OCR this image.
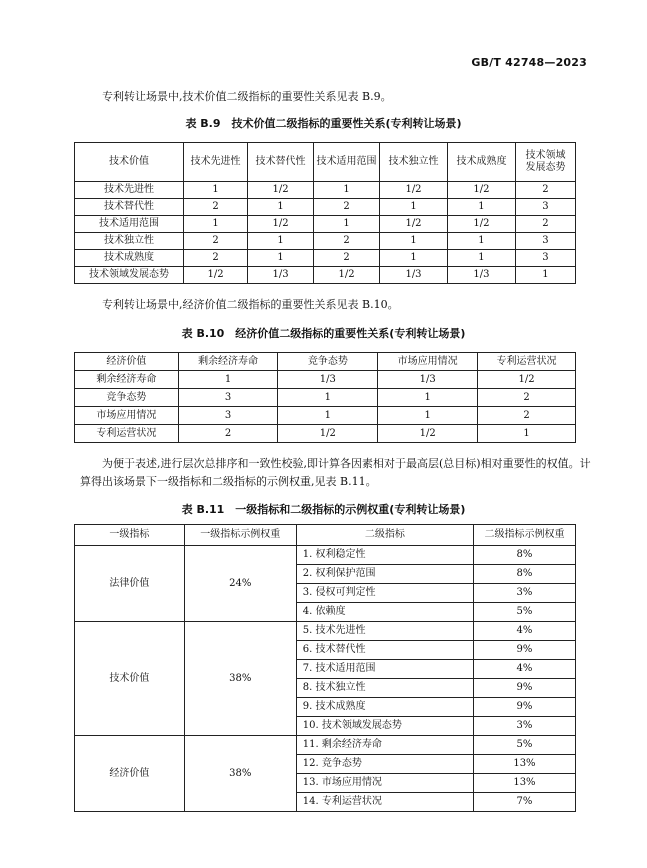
GB/T 42748—2023
专利转让场景中,技术价值二级指标的重要性关系见表 B.9。
表 B.9　技术价值二级指标的重要性关系(专利转让场景)
技术价值	技术先进性	技术替代性	技术适用范围	技术独立性	技术成熟度	技术领域
发展态势
技术先进性	1	1/2	1	1/2	1/2	2
技术替代性	2	1	2	1	1	3
技术适用范围	1	1/2	1	1/2	1/2	2
技术独立性	2	1	2	1	1	3
技术成熟度	2	1	2	1	1	3
技术领域发展态势	1/2	1/3	1/2	1/3	1/3	1
专利转让场景中,经济价值二级指标的重要性关系见表 B.10。
表 B.10　经济价值二级指标的重要性关系(专利转让场景)
经济价值	剩余经济寿命	竞争态势	市场应用情况	专利运营状况
剩余经济寿命	1	1/3	1/3	1/2
竞争态势	3	1	1	2
市场应用情况	3	1	1	2
专利运营状况	2	1/2	1/2	1
为便于表述,进行层次总排序和一致性校验,即计算各因素相对于最高层(总目标)相对重要性的权值。计算得出该场景下一级指标和二级指标的示例权重,见表 B.11。
表 B.11　一级指标和二级指标的示例权重(专利转让场景)
一级指标	一级指标示例权重	二级指标	二级指标示例权重
法律价值	24%	1. 权利稳定性	8%
		2. 权利保护范围	8%
		3. 侵权可判定性	3%
		4. 依赖度	5%
技术价值	38%	5. 技术先进性	4%
		6. 技术替代性	9%
		7. 技术适用范围	4%
		8. 技术独立性	9%
		9. 技术成熟度	9%
		10. 技术领域发展态势	3%
经济价值	38%	11. 剩余经济寿命	5%
		12. 竞争态势	13%
		13. 市场应用情况	13%
		14. 专利运营状况	7%
